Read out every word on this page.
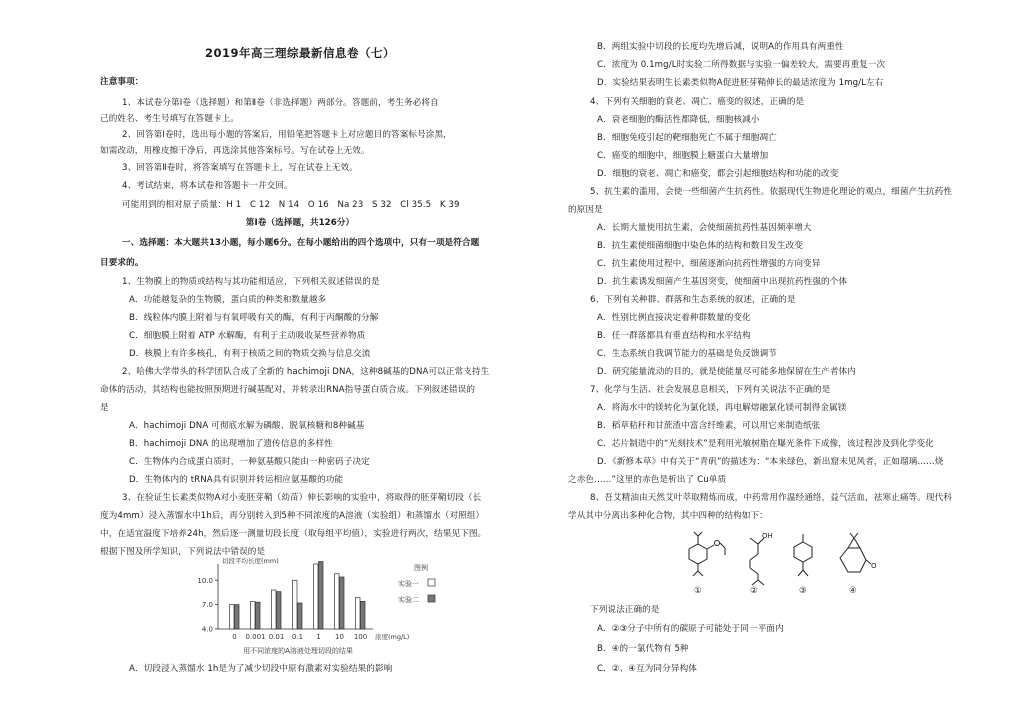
2019年高三理综最新信息卷（七）
注意事项：
1、本试卷分第Ⅰ卷（选择题）和第Ⅱ卷（非选择题）两部分。答题前，考生务必将自
己的姓名、考生号填写在答题卡上。
2、回答第Ⅰ卷时，选出每小题的答案后，用铅笔把答题卡上对应题目的答案标号涂黑，
如需改动，用橡皮擦干净后，再选涂其他答案标号。写在试卷上无效。
3、回答第Ⅱ卷时，将答案填写在答题卡上，写在试卷上无效。
4、考试结束，将本试卷和答题卡一并交回。
可能用到的相对原子质量：H 1　C 12　N 14　O 16　Na 23　S 32　Cl 35.5　K 39
第Ⅰ卷（选择题，共126分）
一、选择题：本大题共13小题，每小题6分。在每小题给出的四个选项中，只有一项是符合题
目要求的。
1、生物膜上的物质或结构与其功能相适应，下列相关叙述错误的是
A．功能越复杂的生物膜，蛋白质的种类和数量越多
B．线粒体内膜上附着与有氧呼吸有关的酶，有利于丙酮酸的分解
C．细胞膜上附着 ATP 水解酶，有利于主动吸收某些营养物质
D．核膜上有许多核孔，有利于核质之间的物质交换与信息交流
2、哈佛大学带头的科学团队合成了全新的 hachimoji DNA，这种8碱基的DNA可以正常支持生
命体的活动，其结构也能按照预期进行碱基配对，并转录出RNA指导蛋白质合成。下列叙述错误的
是
A．hachimoji DNA 可彻底水解为磷酸、脱氧核糖和8种碱基
B．hachimoji DNA 的出现增加了遗传信息的多样性
C．生物体内合成蛋白质时，一种氨基酸只能由一种密码子决定
D．生物体内的 tRNA具有识别并转运相应氨基酸的功能
3、在验证生长素类似物A对小麦胚芽鞘（幼苗）伸长影响的实验中，将取得的胚芽鞘切段（长
度为4mm）浸入蒸馏水中1h后，再分别转入到5种不同浓度的A溶液（实验组）和蒸馏水（对照组）
中，在适宜温度下培养24h，然后逐一测量切段长度（取每组平均值），实验进行两次，结果见下图。
根据下图及所学知识，下列说法中错误的是
A．切段浸入蒸馏水 1h是为了减少切段中原有激素对实验结果的影响
4.0
7.0
10.0
切段平均长度(mm)
0 0.001 0.01 0.1 1 10 100 浓度(mg/L)
用不同浓度的A溶液处理切段的结果
图例
实验一
实验二
B．两组实验中切段的长度均先增后减，说明A的作用具有两重性
C．浓度为 0.1mg/L时实验二所得数据与实验一偏差较大，需要再重复一次
D．实验结果表明生长素类似物A促进胚芽鞘伸长的最适浓度为 1mg/L左右
4、下列有关细胞的衰老、凋亡、癌变的叙述，正确的是
A．衰老细胞的酶活性都降低，细胞核减小
B．细胞免疫引起的靶细胞死亡不属于细胞凋亡
C．癌变的细胞中，细胞膜上糖蛋白大量增加
D．细胞的衰老、凋亡和癌变，都会引起细胞结构和功能的改变
5、抗生素的滥用，会使一些细菌产生抗药性。依据现代生物进化理论的观点，细菌产生抗药性
的原因是
A．长期大量使用抗生素，会使细菌抗药性基因频率增大
B．抗生素使细菌细胞中染色体的结构和数目发生改变
C．抗生素使用过程中，细菌逐渐向抗药性增强的方向变异
D．抗生素诱发细菌产生基因突变，使细菌中出现抗药性强的个体
6、下列有关种群、群落和生态系统的叙述，正确的是
A．性别比例直接决定着种群数量的变化
B．任一群落都具有垂直结构和水平结构
C．生态系统自我调节能力的基础是负反馈调节
D．研究能量流动的目的，就是使能量尽可能多地保留在生产者体内
7、化学与生活、社会发展息息相关，下列有关说法不正确的是
A．将海水中的镁转化为氯化镁，再电解熔融氯化镁可制得金属镁
B．稻草秸秆和甘蔗渣中富含纤维素，可以用它来制造纸张
C．芯片制造中的“光刻技术”是利用光敏树脂在曝光条件下成像，该过程涉及到化学变化
D．《新修本草》中有关于“青矾”的描述为：“本来绿色，新出窟未见风者，正如瑠璃……烧
之赤色……”这里的赤色是析出了 Cu单质
8、吾艾精油由天然艾叶萃取精炼而成，中药常用作温经通络，益气活血，祛寒止痛等。现代科
学从其中分离出多种化合物，其中四种的结构如下：
下列说法正确的是
A．②③分子中所有的碳原子可能处于同一平面内
B．④的一氯代物有 5种
C．②、④互为同分异构体
①
OH
②	③
O
④
